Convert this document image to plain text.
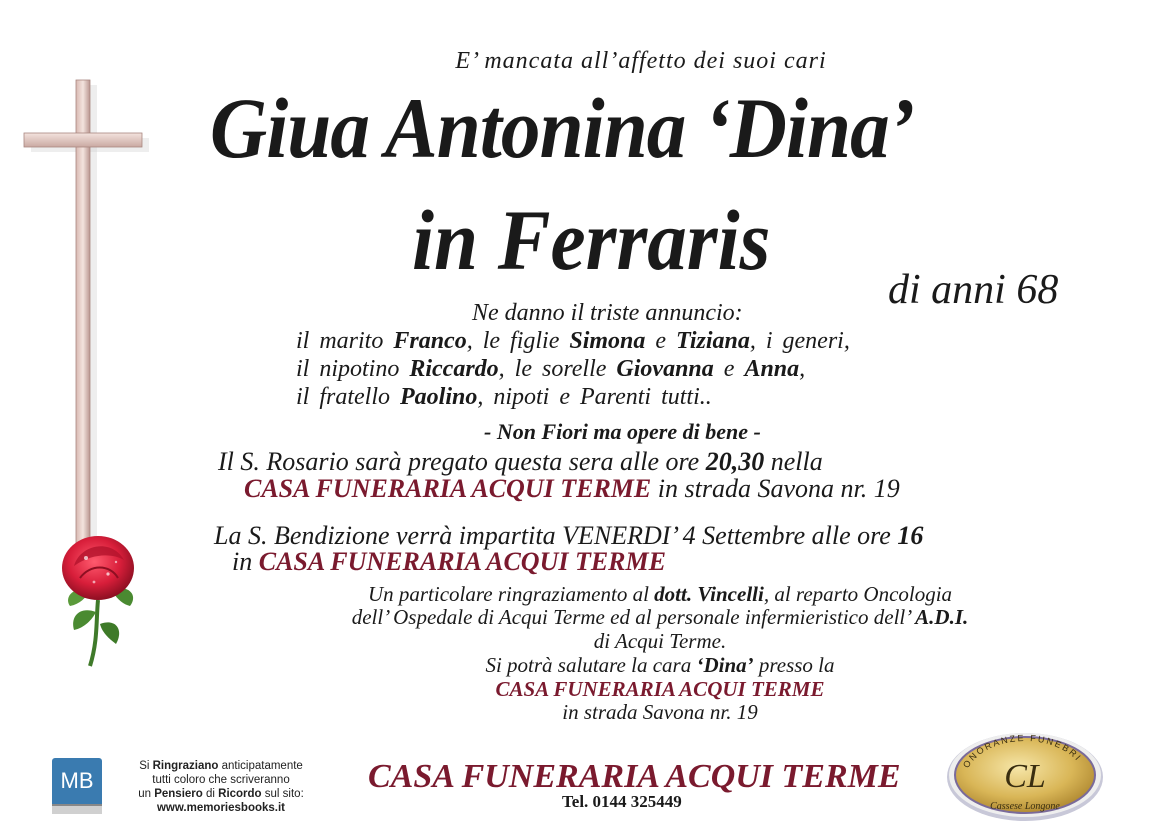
E’ mancata all’affetto dei suoi cari
Giua Antonina ‘Dina’
in Ferraris
di anni 68
Ne danno il triste annuncio:
il marito Franco, le figlie Simona e Tiziana, i generi,
il nipotino Riccardo, le sorelle Giovanna e Anna,
il fratello Paolino, nipoti e Parenti tutti..
- Non Fiori ma opere di bene -
Il S. Rosario sarà pregato questa sera alle ore 20,30 nella
CASA FUNERARIA ACQUI TERME in strada Savona nr. 19
La S. Bendizione verrà impartita VENERDI’ 4 Settembre alle ore 16
in CASA FUNERARIA ACQUI TERME
Un particolare ringraziamento al dott. Vincelli, al reparto Oncologia
dell’ Ospedale di Acqui Terme ed al personale infermieristico dell’ A.D.I.
di Acqui Terme.
Si potrà salutare la cara ‘Dina’ presso la
CASA FUNERARIA ACQUI TERME
in strada Savona nr. 19
MB
Si Ringraziano anticipatamente
tutti coloro che scriveranno
un Pensiero di Ricordo sul sito:
www.memoriesbooks.it
CASA FUNERARIA ACQUI TERME
Tel. 0144 325449
ONORANZE FUNEBRI
CL
Cassese Longone
